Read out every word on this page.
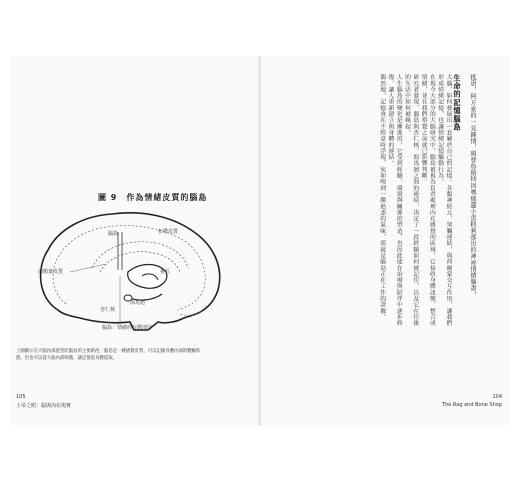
圖 9　作為情緒皮質的腦島
腦島	扣帶皮質
視丘
前額葉皮質
海馬迴
杏仁核
腦島：情緒的台階部位
上圖顯示在大腦內部蛋型狀腦島的主要路徑，腦島是一種感覺皮質，可以記錄身體內部的體驗狀態，但也可以從大腦內部刺激，讓記憶從身體提取。
105
上帝之眼：腦與內在現實
抵唐，阿方索的一見鍾情，與曹魯斯特因嗎德蓮小蛋糕剎那出的神祕情緒腦畫，
生命的記憶腦島

大腦，如何發展出一套屬於自己的記憶。各類神經元、突觸連結，與荷爾蒙交互作用，讓我們形成情緒記憶，也讓情緒記憶驅動行為。

在現今大部分的大腦研究中，腦島被視為負責處理內在感覺的區域，它接收身體訊號，整合成情緒，並在我們察覺之前就已影響判斷。

研究者發現，腦島與杏仁核、海馬迴之間的連結，決定了一段經驗如何被記住，以及它在往後的生活中如何被喚起。

人生腦島的變化是漸進的，它受到經驗、環境與關係的塑造，也因此能在治療與陪伴中逐步修復，讓人重新建立與身體的連結。

偶然地，記憶會在不經意時浮現，宛如嗅到一縷熟悉的氣味，那就是腦島正在工作的證據。

104
The Rag and Bone Shop
